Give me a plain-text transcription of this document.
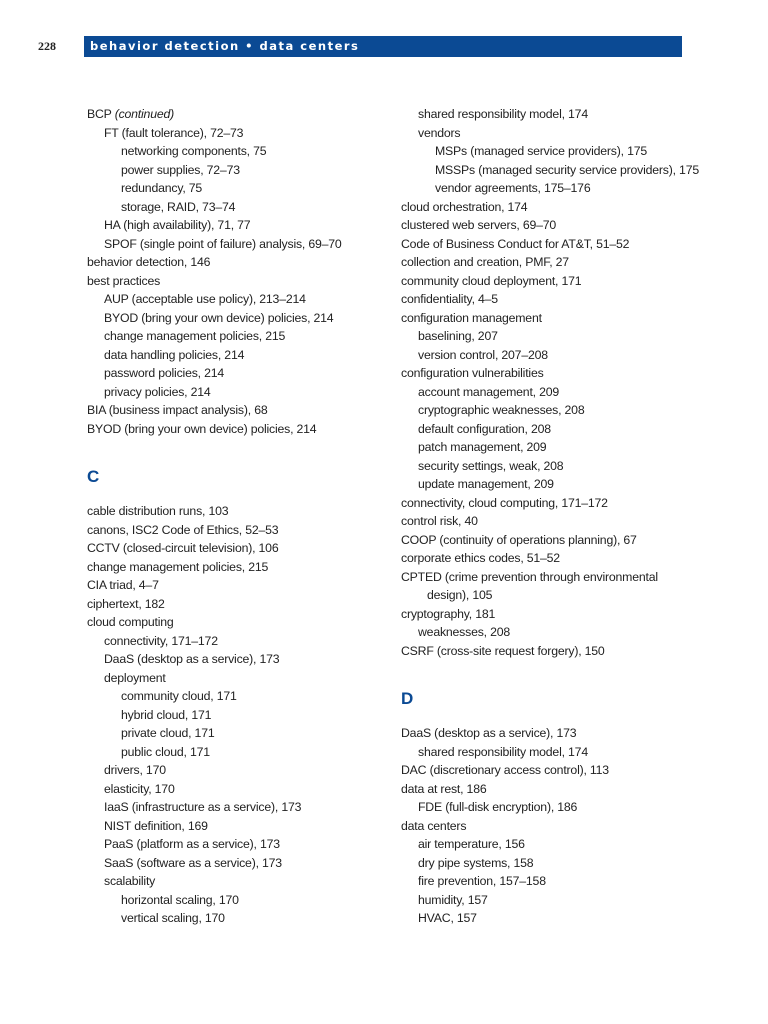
228	behavior detection • data centers
BCP (continued)
FT (fault tolerance), 72–73
networking components, 75
power supplies, 72–73
redundancy, 75
storage, RAID, 73–74
HA (high availability), 71, 77
SPOF (single point of failure) analysis, 69–70
behavior detection, 146
best practices
AUP (acceptable use policy), 213–214
BYOD (bring your own device) policies, 214
change management policies, 215
data handling policies, 214
password policies, 214
privacy policies, 214
BIA (business impact analysis), 68
BYOD (bring your own device) policies, 214
C
cable distribution runs, 103
canons, ISC2 Code of Ethics, 52–53
CCTV (closed-circuit television), 106
change management policies, 215
CIA triad, 4–7
ciphertext, 182
cloud computing
connectivity, 171–172
DaaS (desktop as a service), 173
deployment
community cloud, 171
hybrid cloud, 171
private cloud, 171
public cloud, 171
drivers, 170
elasticity, 170
IaaS (infrastructure as a service), 173
NIST definition, 169
PaaS (platform as a service), 173
SaaS (software as a service), 173
scalability
horizontal scaling, 170
vertical scaling, 170
shared responsibility model, 174
vendors
MSPs (managed service providers), 175
MSSPs (managed security service providers), 175
vendor agreements, 175–176
cloud orchestration, 174
clustered web servers, 69–70
Code of Business Conduct for AT&T, 51–52
collection and creation, PMF, 27
community cloud deployment, 171
confidentiality, 4–5
configuration management
baselining, 207
version control, 207–208
configuration vulnerabilities
account management, 209
cryptographic weaknesses, 208
default configuration, 208
patch management, 209
security settings, weak, 208
update management, 209
connectivity, cloud computing, 171–172
control risk, 40
COOP (continuity of operations planning), 67
corporate ethics codes, 51–52
CPTED (crime prevention through environmental
design), 105
cryptography, 181
weaknesses, 208
CSRF (cross-site request forgery), 150
D
DaaS (desktop as a service), 173
shared responsibility model, 174
DAC (discretionary access control), 113
data at rest, 186
FDE (full-disk encryption), 186
data centers
air temperature, 156
dry pipe systems, 158
fire prevention, 157–158
humidity, 157
HVAC, 157
